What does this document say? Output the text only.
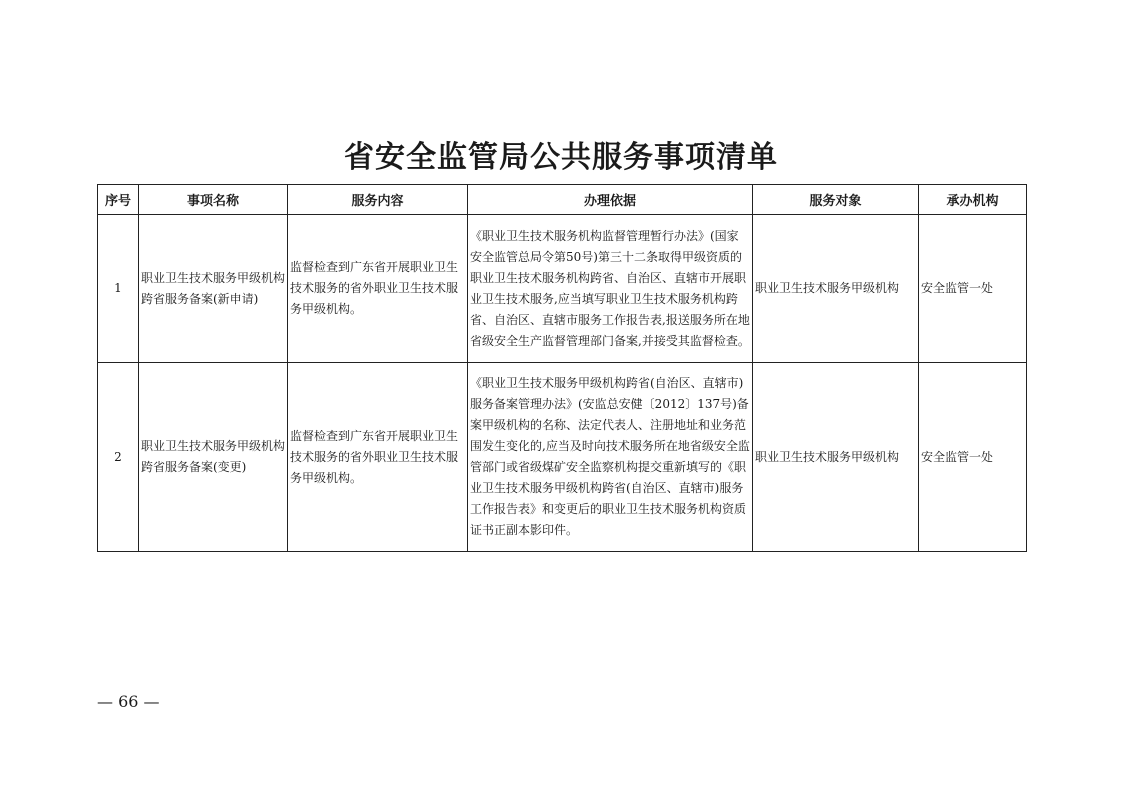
省安全监管局公共服务事项清单
序号	事项名称	服务内容	办理依据	服务对象	承办机构
1	职业卫生技术服务甲级机构跨省服务备案(新申请)	监督检查到广东省开展职业卫生技术服务的省外职业卫生技术服务甲级机构。	《职业卫生技术服务机构监督管理暂行办法》(国家安全监管总局令第50号)第三十二条取得甲级资质的职业卫生技术服务机构跨省、自治区、直辖市开展职业卫生技术服务,应当填写职业卫生技术服务机构跨省、自治区、直辖市服务工作报告表,报送服务所在地省级安全生产监督管理部门备案,并接受其监督检查。	职业卫生技术服务甲级机构	安全监管一处
2	职业卫生技术服务甲级机构跨省服务备案(变更)	监督检查到广东省开展职业卫生技术服务的省外职业卫生技术服务甲级机构。	《职业卫生技术服务甲级机构跨省(自治区、直辖市)服务备案管理办法》(安监总安健〔2012〕137号)备案甲级机构的名称、法定代表人、注册地址和业务范围发生变化的,应当及时向技术服务所在地省级安全监管部门或省级煤矿安全监察机构提交重新填写的《职业卫生技术服务甲级机构跨省(自治区、直辖市)服务工作报告表》和变更后的职业卫生技术服务机构资质证书正副本影印件。	职业卫生技术服务甲级机构	安全监管一处
— 66 —
